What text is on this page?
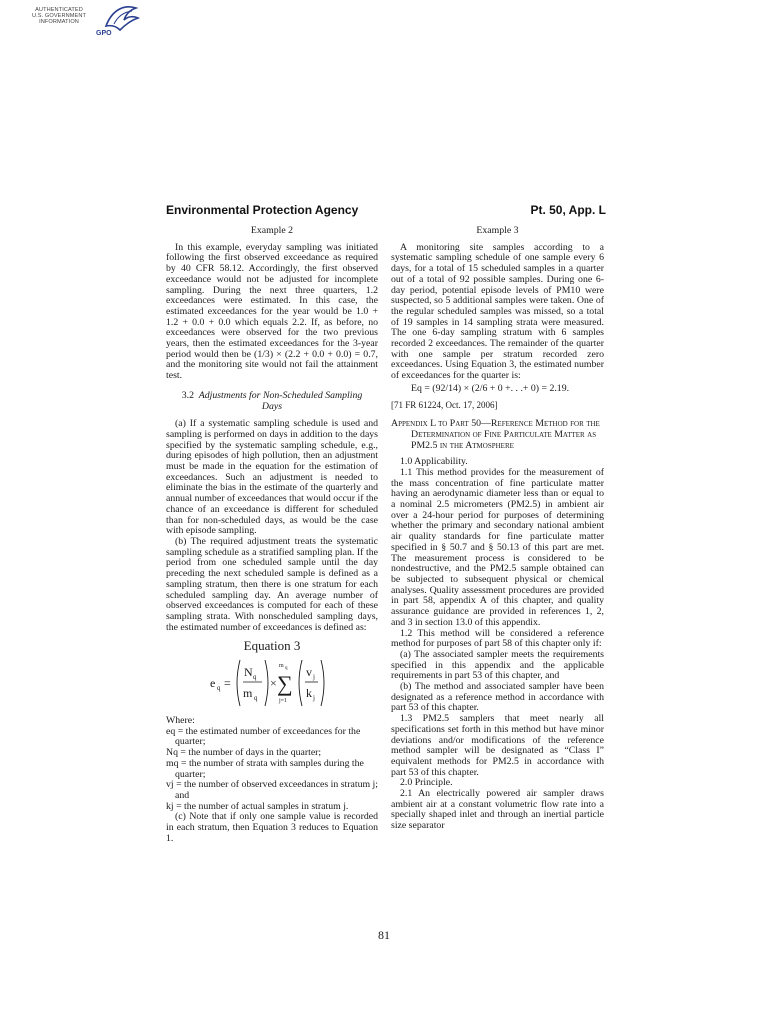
AUTHENTICATED
U.S. GOVERNMENT
INFORMATION
GPO
Environmental Protection Agency	Pt. 50, App. L
Example 2

In this example, everyday sampling was initiated following the first observed exceedance as required by 40 CFR 58.12. Accordingly, the first observed exceedance would not be adjusted for incomplete sampling. During the next three quarters, 1.2 exceedances were estimated. In this case, the estimated exceedances for the year would be 1.0 + 1.2 + 0.0 + 0.0 which equals 2.2. If, as before, no exceedances were observed for the two previous years, then the estimated exceedances for the 3-year period would then be (1/3) × (2.2 + 0.0 + 0.0) = 0.7, and the monitoring site would not fail the attainment test.

3.2 Adjustments for Non-Scheduled Sampling Days

(a) If a systematic sampling schedule is used and sampling is performed on days in addition to the days specified by the systematic sampling schedule, e.g., during episodes of high pollution, then an adjustment must be made in the equation for the estimation of exceedances. Such an adjustment is needed to eliminate the bias in the estimate of the quarterly and annual number of exceedances that would occur if the chance of an exceedance is different for scheduled than for non-scheduled days, as would be the case with episode sampling.

(b) The required adjustment treats the systematic sampling schedule as a stratified sampling plan. If the period from one scheduled sample until the day preceding the next scheduled sample is defined as a sampling stratum, then there is one stratum for each scheduled sampling day. An average number of observed exceedances is computed for each of these sampling strata. With nonscheduled sampling days, the estimated number of exceedances is defined as:

Equation 3
e q =
N q
m q
×
m q
∑
j=1
v j
k j
Where:

eq = the estimated number of exceedances for the quarter;

Nq = the number of days in the quarter;

mq = the number of strata with samples during the quarter;

vj = the number of observed exceedances in stratum j; and

kj = the number of actual samples in stratum j.

(c) Note that if only one sample value is recorded in each stratum, then Equation 3 reduces to Equation 1.

Example 3

A monitoring site samples according to a systematic sampling schedule of one sample every 6 days, for a total of 15 scheduled samples in a quarter out of a total of 92 possible samples. During one 6-day period, potential episode levels of PM10 were suspected, so 5 additional samples were taken. One of the regular scheduled samples was missed, so a total of 19 samples in 14 sampling strata were measured. The one 6-day sampling stratum with 6 samples recorded 2 exceedances. The remainder of the quarter with one sample per stratum recorded zero exceedances. Using Equation 3, the estimated number of exceedances for the quarter is:

Eq = (92/14) × (2/6 + 0 +. . .+ 0) = 2.19.
[71 FR 61224, Oct. 17, 2006]
Appendix L to Part 50—Reference Method for the Determination of Fine Particulate Matter as PM2.5 in the Atmosphere

1.0 Applicability.

1.1 This method provides for the measurement of the mass concentration of fine particulate matter having an aerodynamic diameter less than or equal to a nominal 2.5 micrometers (PM2.5) in ambient air over a 24-hour period for purposes of determining whether the primary and secondary national ambient air quality standards for fine particulate matter specified in § 50.7 and § 50.13 of this part are met. The measurement process is considered to be nondestructive, and the PM2.5 sample obtained can be subjected to subsequent physical or chemical analyses. Quality assessment procedures are provided in part 58, appendix A of this chapter, and quality assurance guidance are provided in references 1, 2, and 3 in section 13.0 of this appendix.

1.2 This method will be considered a reference method for purposes of part 58 of this chapter only if:

(a) The associated sampler meets the requirements specified in this appendix and the applicable requirements in part 53 of this chapter, and

(b) The method and associated sampler have been designated as a reference method in accordance with part 53 of this chapter.

1.3 PM2.5 samplers that meet nearly all specifications set forth in this method but have minor deviations and/or modifications of the reference method sampler will be designated as “Class I” equivalent methods for PM2.5 in accordance with part 53 of this chapter.

2.0 Principle.

2.1 An electrically powered air sampler draws ambient air at a constant volumetric flow rate into a specially shaped inlet and through an inertial particle size separator

81
